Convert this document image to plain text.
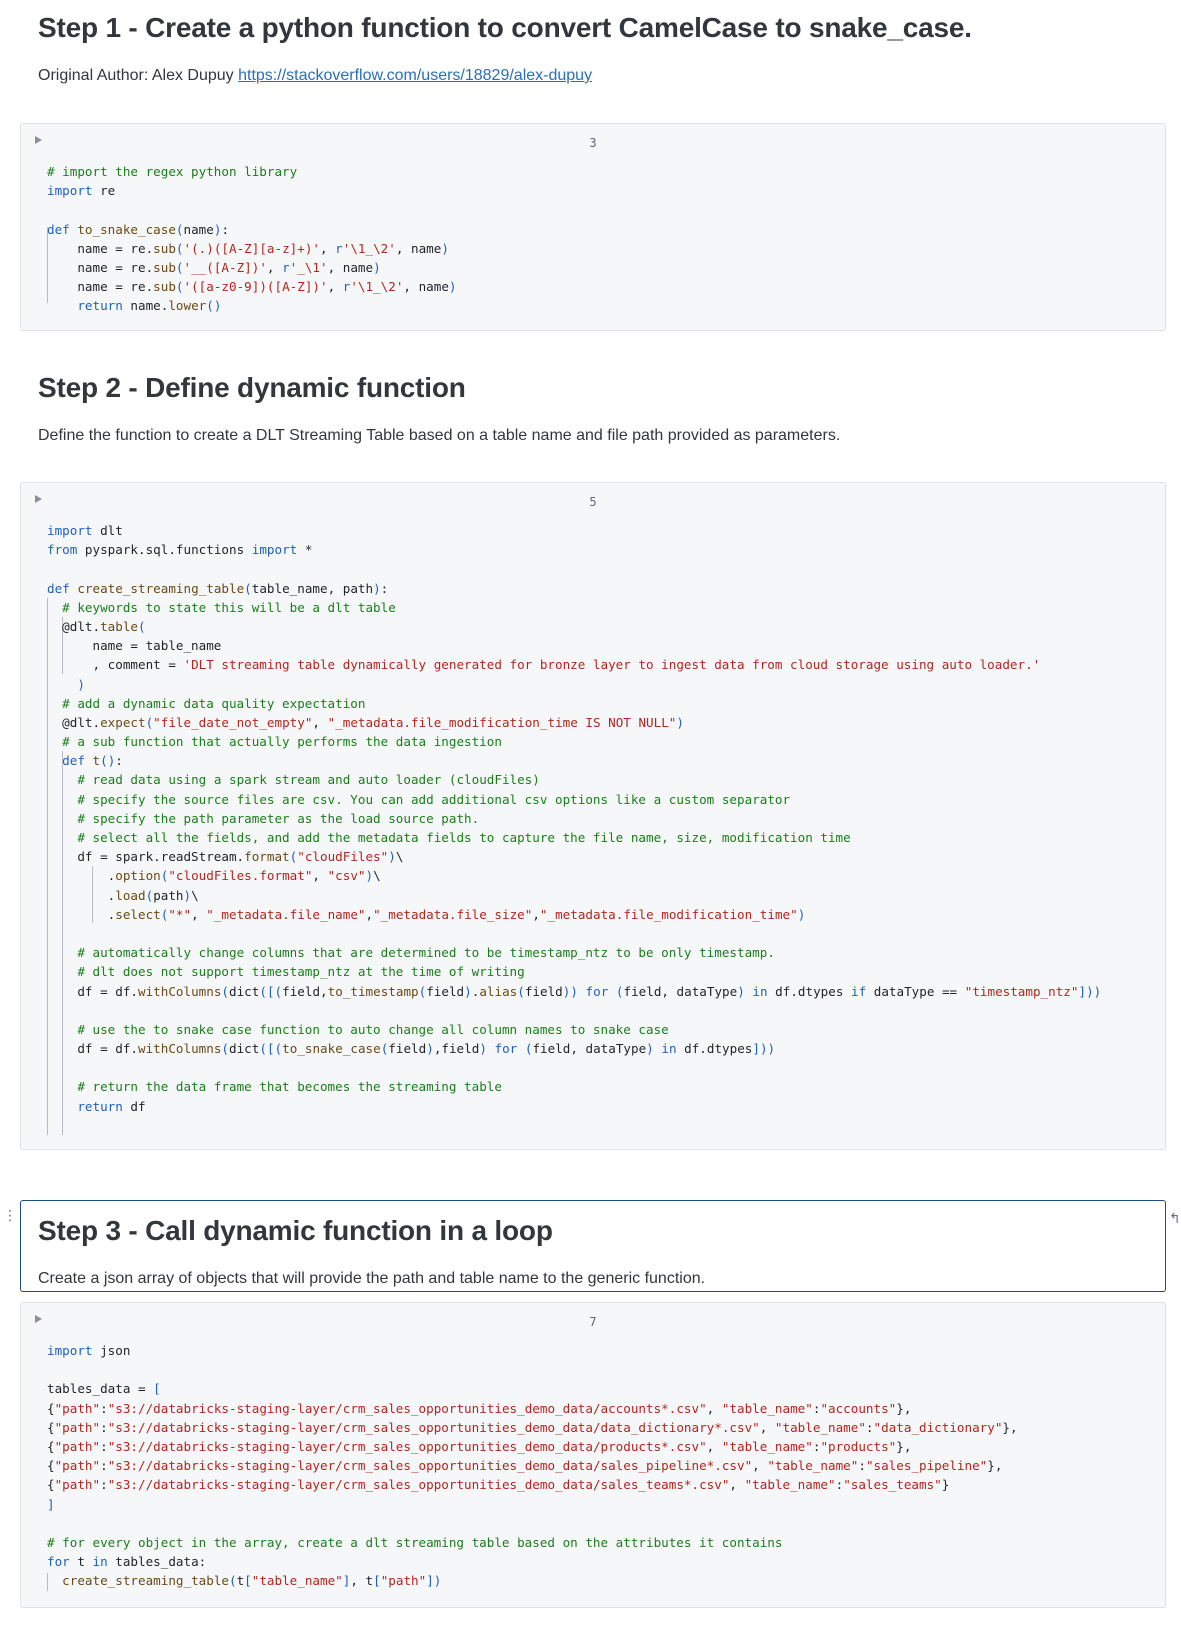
Step 1 - Create a python function to convert CamelCase to snake_case.

Original Author: Alex Dupuy https://stackoverflow.com/users/18829/alex-dupuy

3
# import the regex python library
import re
def to_snake_case(name):
name = re.sub('(.)([A-Z][a-z]+)', r'\1_\2', name)
name = re.sub('__([A-Z])', r'_\1', name)
name = re.sub('([a-z0-9])([A-Z])', r'\1_\2', name)
return name.lower()
Step 2 - Define dynamic function

Define the function to create a DLT Streaming Table based on a table name and file path provided as parameters.

5
import dlt
from pyspark.sql.functions import *
def create_streaming_table(table_name, path):
# keywords to state this will be a dlt table
@dlt.table(
name = table_name
, comment = 'DLT streaming table dynamically generated for bronze layer to ingest data from cloud storage using auto loader.'
)
# add a dynamic data quality expectation
@dlt.expect("file_date_not_empty", "_metadata.file_modification_time IS NOT NULL")
# a sub function that actually performs the data ingestion
def t():
# read data using a spark stream and auto loader (cloudFiles)
# specify the source files are csv. You can add additional csv options like a custom separator
# specify the path parameter as the load source path.
# select all the fields, and add the metadata fields to capture the file name, size, modification time
df = spark.readStream.format("cloudFiles")\
.option("cloudFiles.format", "csv")\
.load(path)\
.select("*", "_metadata.file_name","_metadata.file_size","_metadata.file_modification_time")
# automatically change columns that are determined to be timestamp_ntz to be only timestamp.
# dlt does not support timestamp_ntz at the time of writing
df = df.withColumns(dict([(field,to_timestamp(field).alias(field)) for (field, dataType) in df.dtypes if dataType == "timestamp_ntz"]))
# use the to snake case function to auto change all column names to snake case
df = df.withColumns(dict([(to_snake_case(field),field) for (field, dataType) in df.dtypes]))
# return the data frame that becomes the streaming table
return df
⋮ Step 3 - Call dynamic function in a loop

Create a json array of objects that will provide the path and table name to the generic function.

↰
7
import json
tables_data = [
{"path":"s3://databricks-staging-layer/crm_sales_opportunities_demo_data/accounts*.csv", "table_name":"accounts"},
{"path":"s3://databricks-staging-layer/crm_sales_opportunities_demo_data/data_dictionary*.csv", "table_name":"data_dictionary"},
{"path":"s3://databricks-staging-layer/crm_sales_opportunities_demo_data/products*.csv", "table_name":"products"},
{"path":"s3://databricks-staging-layer/crm_sales_opportunities_demo_data/sales_pipeline*.csv", "table_name":"sales_pipeline"},
{"path":"s3://databricks-staging-layer/crm_sales_opportunities_demo_data/sales_teams*.csv", "table_name":"sales_teams"}
]
# for every object in the array, create a dlt streaming table based on the attributes it contains
for t in tables_data:
create_streaming_table(t["table_name"], t["path"])
